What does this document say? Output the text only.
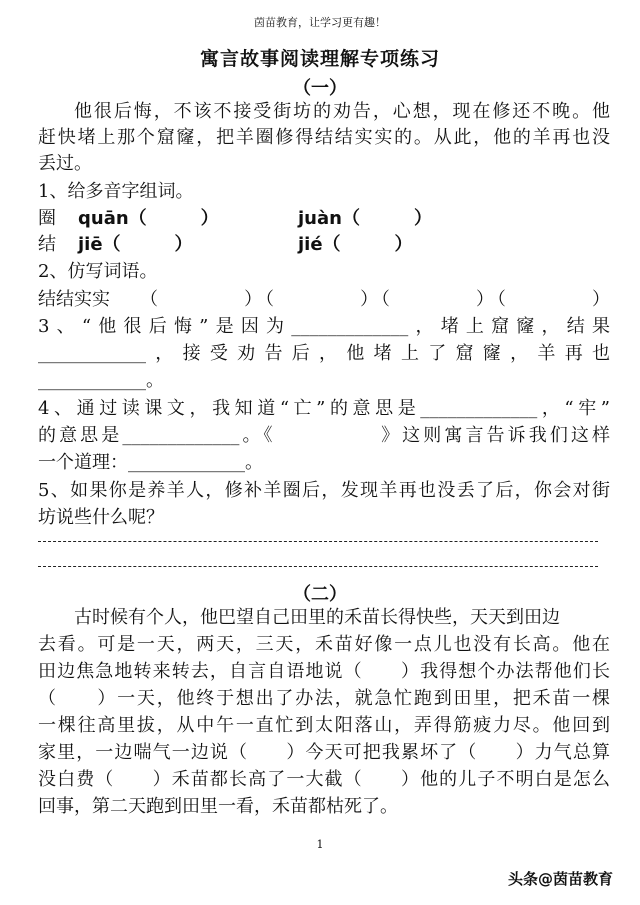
茵苗教育，让学习更有趣！
寓言故事阅读理解专项练习
（一）
他很后悔，不该不接受街坊的劝告，心想，现在修还不晚。他
赶快堵上那个窟窿，把羊圈修得结结实实的。从此，他的羊再也没
丢过。
1、给多音字组词。
圈	quān（　　　）	juàn（　　　）
结	jiē（　　　）	jié（　　　）
2、仿写词语。
结结实实	（　　　　）（　　　　）（　　　　）（　　　　）
3、“他很后悔”是因为_____________，堵上窟窿，结果
____________，接受劝告后，他堵上了窟窿，羊再也
____________。
4、通过读课文，我知道“亡”的意思是_____________，“牢”
的意思是_____________。《　　　　　》这则寓言告诉我们这样
一个道理：_____________。
5、如果你是养羊人，修补羊圈后，发现羊再也没丢了后，你会对街
坊说些什么呢？
（二）
　　古时候有个人，他巴望自己田里的禾苗长得快些，天天到田边
去看。可是一天，两天，三天，禾苗好像一点儿也没有长高。他在
田边焦急地转来转去，自言自语地说（　　）我得想个办法帮他们长
（　　）一天，他终于想出了办法，就急忙跑到田里，把禾苗一棵
一棵往高里拔，从中午一直忙到太阳落山，弄得筋疲力尽。他回到
家里，一边喘气一边说（　　）今天可把我累坏了（　　）力气总算
没白费（　　）禾苗都长高了一大截（　　）他的儿子不明白是怎么
回事，第二天跑到田里一看，禾苗都枯死了。
1
头条@茵苗教育
